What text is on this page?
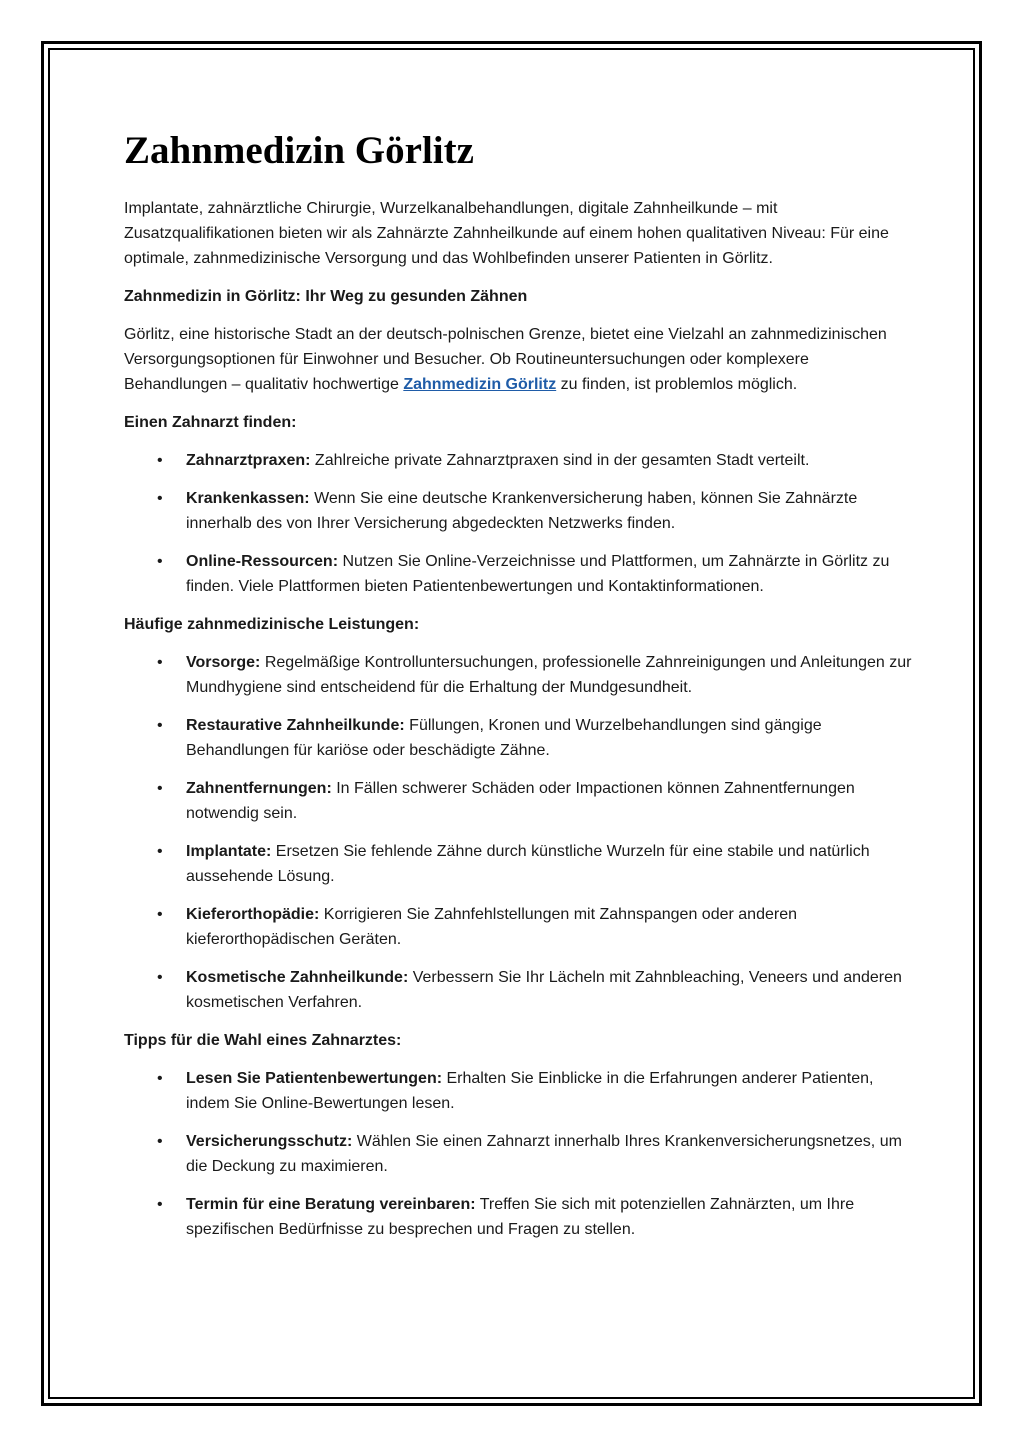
Zahnmedizin Görlitz

Implantate, zahnärztliche Chirurgie, Wurzelkanalbehandlungen, digitale Zahnheilkunde – mit Zusatzqualifikationen bieten wir als Zahnärzte Zahnheilkunde auf einem hohen qualitativen Niveau: Für eine optimale, zahnmedizinische Versorgung und das Wohlbefinden unserer Patienten in Görlitz.

Zahnmedizin in Görlitz: Ihr Weg zu gesunden Zähnen

Görlitz, eine historische Stadt an der deutsch-polnischen Grenze, bietet eine Vielzahl an zahnmedizinischen Versorgungsoptionen für Einwohner und Besucher. Ob Routineuntersuchungen oder komplexere Behandlungen – qualitativ hochwertige Zahnmedizin Görlitz zu finden, ist problemlos möglich.

Einen Zahnarzt finden:
• Zahnarztpraxen: Zahlreiche private Zahnarztpraxen sind in der gesamten Stadt verteilt.
• Krankenkassen: Wenn Sie eine deutsche Krankenversicherung haben, können Sie Zahnärzte innerhalb des von Ihrer Versicherung abgedeckten Netzwerks finden.
• Online-Ressourcen: Nutzen Sie Online-Verzeichnisse und Plattformen, um Zahnärzte in Görlitz zu finden. Viele Plattformen bieten Patientenbewertungen und Kontaktinformationen.
Häufige zahnmedizinische Leistungen:
• Vorsorge: Regelmäßige Kontrolluntersuchungen, professionelle Zahnreinigungen und Anleitungen zur Mundhygiene sind entscheidend für die Erhaltung der Mundgesundheit.
• Restaurative Zahnheilkunde: Füllungen, Kronen und Wurzelbehandlungen sind gängige Behandlungen für kariöse oder beschädigte Zähne.
• Zahnentfernungen: In Fällen schwerer Schäden oder Impactionen können Zahnentfernungen notwendig sein.
• Implantate: Ersetzen Sie fehlende Zähne durch künstliche Wurzeln für eine stabile und natürlich aussehende Lösung.
• Kieferorthopädie: Korrigieren Sie Zahnfehlstellungen mit Zahnspangen oder anderen kieferorthopädischen Geräten.
• Kosmetische Zahnheilkunde: Verbessern Sie Ihr Lächeln mit Zahnbleaching, Veneers und anderen kosmetischen Verfahren.
Tipps für die Wahl eines Zahnarztes:
• Lesen Sie Patientenbewertungen: Erhalten Sie Einblicke in die Erfahrungen anderer Patienten, indem Sie Online-Bewertungen lesen.
• Versicherungsschutz: Wählen Sie einen Zahnarzt innerhalb Ihres Krankenversicherungsnetzes, um die Deckung zu maximieren.
• Termin für eine Beratung vereinbaren: Treffen Sie sich mit potenziellen Zahnärzten, um Ihre spezifischen Bedürfnisse zu besprechen und Fragen zu stellen.
